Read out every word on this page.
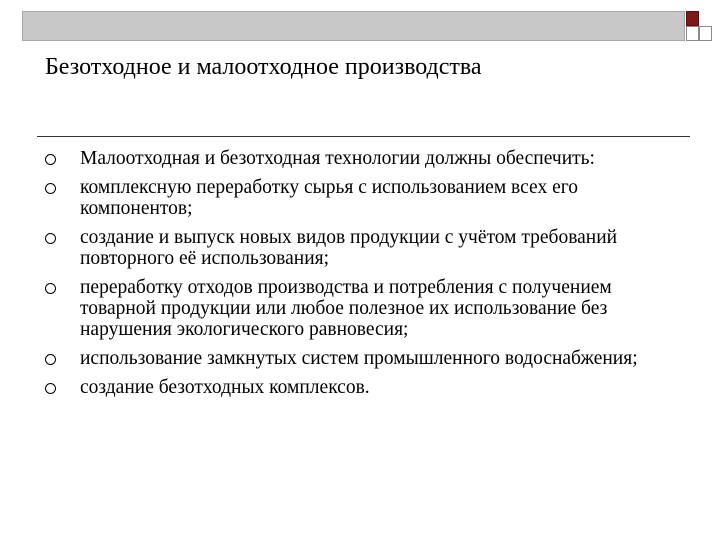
Безотходное и малоотходное производства
Малоотходная и безотходная технологии должны обеспечить:
комплексную переработку сырья с использованием всех его компонентов;
создание и выпуск новых видов продукции с учётом требований повторного её использования;
переработку отходов производства и потребления с получением товарной продукции или любое полезное их использование без нарушения экологического равновесия;
использование замкнутых систем промышленного водоснабжения;
создание безотходных комплексов.
